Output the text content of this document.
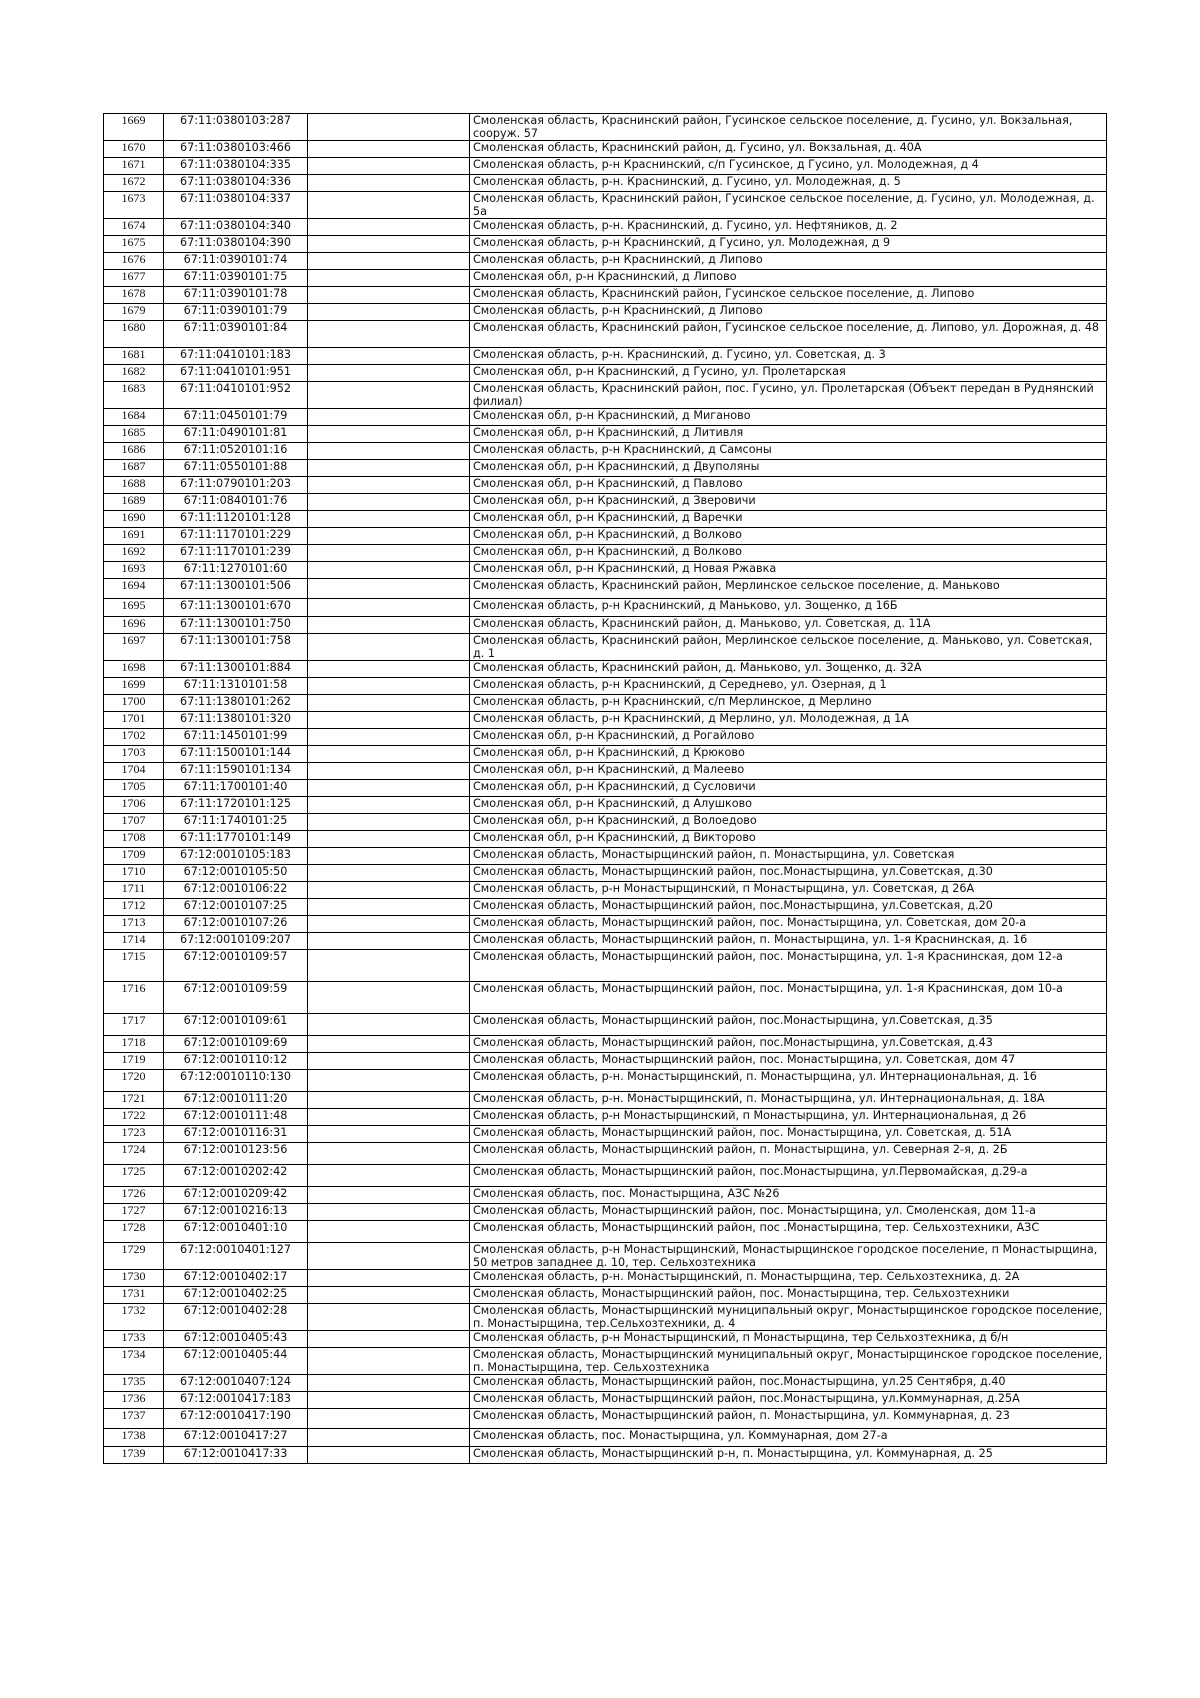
1669	67:11:0380103:287		Смоленская область, Краснинский район, Гусинское сельское поселение, д. Гусино, ул. Вокзальная, сооруж. 57
1670	67:11:0380103:466		Смоленская область, Краснинский район, д. Гусино, ул. Вокзальная, д. 40А
1671	67:11:0380104:335		Смоленская область, р-н Краснинский, с/п Гусинское, д Гусино, ул. Молодежная, д 4
1672	67:11:0380104:336		Смоленская область, р-н. Краснинский, д. Гусино, ул. Молодежная, д. 5
1673	67:11:0380104:337		Смоленская область, Краснинский район, Гусинское сельское поселение, д. Гусино, ул. Молодежная, д. 5а
1674	67:11:0380104:340		Смоленская область, р-н. Краснинский, д. Гусино, ул. Нефтяников, д. 2
1675	67:11:0380104:390		Смоленская область, р-н Краснинский, д Гусино, ул. Молодежная, д 9
1676	67:11:0390101:74		Смоленская область, р-н Краснинский, д Липово
1677	67:11:0390101:75		Смоленская обл, р-н Краснинский, д Липово
1678	67:11:0390101:78		Смоленская область, Краснинский район, Гусинское сельское поселение, д. Липово
1679	67:11:0390101:79		Смоленская область, р-н Краснинский, д Липово
1680	67:11:0390101:84		Смоленская область, Краснинский район, Гусинское сельское поселение, д. Липово, ул. Дорожная, д. 48
1681	67:11:0410101:183		Смоленская область, р-н. Краснинский, д. Гусино, ул. Советская, д. 3
1682	67:11:0410101:951		Смоленская обл, р-н Краснинский, д Гусино, ул. Пролетарская
1683	67:11:0410101:952		Смоленская область, Краснинский район, пос. Гусино, ул. Пролетарская (Объект передан в Руднянский филиал)
1684	67:11:0450101:79		Смоленская обл, р-н Краснинский, д Миганово
1685	67:11:0490101:81		Смоленская обл, р-н Краснинский, д Литивля
1686	67:11:0520101:16		Смоленская область, р-н Краснинский, д Самсоны
1687	67:11:0550101:88		Смоленская обл, р-н Краснинский, д Двуполяны
1688	67:11:0790101:203		Смоленская обл, р-н Краснинский, д Павлово
1689	67:11:0840101:76		Смоленская обл, р-н Краснинский, д Зверовичи
1690	67:11:1120101:128		Смоленская обл, р-н Краснинский, д Варечки
1691	67:11:1170101:229		Смоленская обл, р-н Краснинский, д Волково
1692	67:11:1170101:239		Смоленская обл, р-н Краснинский, д Волково
1693	67:11:1270101:60		Смоленская обл, р-н Краснинский, д Новая Ржавка
1694	67:11:1300101:506		Смоленская область, Краснинский район, Мерлинское сельское поселение, д. Маньково
1695	67:11:1300101:670		Смоленская область, р-н Краснинский, д Маньково, ул. Зощенко, д 16Б
1696	67:11:1300101:750		Смоленская область, Краснинский район, д. Маньково, ул. Советская, д. 11А
1697	67:11:1300101:758		Смоленская область, Краснинский район, Мерлинское сельское поселение, д. Маньково, ул. Советская, д. 1
1698	67:11:1300101:884		Смоленская область, Краснинский район, д. Маньково, ул. Зощенко, д. 32А
1699	67:11:1310101:58		Смоленская область, р-н Краснинский, д Середнево, ул. Озерная, д 1
1700	67:11:1380101:262		Смоленская область, р-н Краснинский, с/п Мерлинское, д Мерлино
1701	67:11:1380101:320		Смоленская область, р-н Краснинский, д Мерлино, ул. Молодежная, д 1А
1702	67:11:1450101:99		Смоленская обл, р-н Краснинский, д Рогайлово
1703	67:11:1500101:144		Смоленская обл, р-н Краснинский, д Крюково
1704	67:11:1590101:134		Смоленская обл, р-н Краснинский, д Малеево
1705	67:11:1700101:40		Смоленская обл, р-н Краснинский, д Сусловичи
1706	67:11:1720101:125		Смоленская обл, р-н Краснинский, д Алушково
1707	67:11:1740101:25		Смоленская обл, р-н Краснинский, д Волоедово
1708	67:11:1770101:149		Смоленская обл, р-н Краснинский, д Викторово
1709	67:12:0010105:183		Смоленская область, Монастырщинский район, п. Монастырщина, ул. Советская
1710	67:12:0010105:50		Смоленская область, Монастырщинский район, пос.Монастырщина, ул.Советская, д.30
1711	67:12:0010106:22		Смоленская область, р-н Монастырщинский, п Монастырщина, ул. Советская, д 26А
1712	67:12:0010107:25		Смоленская область, Монастырщинский район, пос.Монастырщина, ул.Советская, д.20
1713	67:12:0010107:26		Смоленская область, Монастырщинский район, пос. Монастырщина, ул. Советская, дом 20-а
1714	67:12:0010109:207		Смоленская область, Монастырщинский район, п. Монастырщина, ул. 1-я Краснинская, д. 16
1715	67:12:0010109:57		Смоленская область, Монастырщинский район, пос. Монастырщина, ул. 1-я Краснинская, дом 12-а
1716	67:12:0010109:59		Смоленская область, Монастырщинский район, пос. Монастырщина, ул. 1-я Краснинская, дом 10-а
1717	67:12:0010109:61		Смоленская область, Монастырщинский район, пос.Монастырщина, ул.Советская, д.35
1718	67:12:0010109:69		Смоленская область, Монастырщинский район, пос.Монастырщина, ул.Советская, д.43
1719	67:12:0010110:12		Смоленская область, Монастырщинский район, пос. Монастырщина, ул. Советская, дом 47
1720	67:12:0010110:130		Смоленская область, р-н. Монастырщинский, п. Монастырщина, ул. Интернациональная, д. 16
1721	67:12:0010111:20		Смоленская область, р-н. Монастырщинский, п. Монастырщина, ул. Интернациональная, д. 18А
1722	67:12:0010111:48		Смоленская область, р-н Монастырщинский, п Монастырщина, ул. Интернациональная, д 26
1723	67:12:0010116:31		Смоленская область, Монастырщинский район, пос. Монастырщина, ул. Советская, д. 51А
1724	67:12:0010123:56		Смоленская область, Монастырщинский район, п. Монастырщина, ул. Северная 2-я, д. 2Б
1725	67:12:0010202:42		Смоленская область, Монастырщинский район, пос.Монастырщина, ул.Первомайская, д.29-а
1726	67:12:0010209:42		Смоленская область, пос. Монастырщина, АЗС №26
1727	67:12:0010216:13		Смоленская область, Монастырщинский район, пос. Монастырщина, ул. Смоленская, дом 11-а
1728	67:12:0010401:10		Смоленская область, Монастырщинский район, пос .Монастырщина, тер. Сельхозтехники, АЗС
1729	67:12:0010401:127		Смоленская область, р-н Монастырщинский, Монастырщинское городское поселение, п Монастырщина, 50 метров западнее д. 10, тер. Сельхозтехника
1730	67:12:0010402:17		Смоленская область, р-н. Монастырщинский, п. Монастырщина, тер. Сельхозтехника, д. 2А
1731	67:12:0010402:25		Смоленская область, Монастырщинский район, пос. Монастырщина, тер. Сельхозтехники
1732	67:12:0010402:28		Смоленская область, Монастырщинский муниципальный округ, Монастырщинское городское поселение, п. Монастырщина, тер.Сельхозтехники, д. 4
1733	67:12:0010405:43		Смоленская область, р-н Монастырщинский, п Монастырщина, тер Сельхозтехника, д б/н
1734	67:12:0010405:44		Смоленская область, Монастырщинский муниципальный округ, Монастырщинское городское поселение, п. Монастырщина, тер. Сельхозтехника
1735	67:12:0010407:124		Смоленская область, Монастырщинский район, пос.Монастырщина, ул.25 Сентября, д.40
1736	67:12:0010417:183		Смоленская область, Монастырщинский район, пос.Монастырщина, ул.Коммунарная, д.25А
1737	67:12:0010417:190		Смоленская область, Монастырщинский район, п. Монастырщина, ул. Коммунарная, д. 23
1738	67:12:0010417:27		Смоленская область, пос. Монастырщина, ул. Коммунарная, дом 27-а
1739	67:12:0010417:33		Смоленская область, Монастырщинский р-н, п. Монастырщина, ул. Коммунарная, д. 25
